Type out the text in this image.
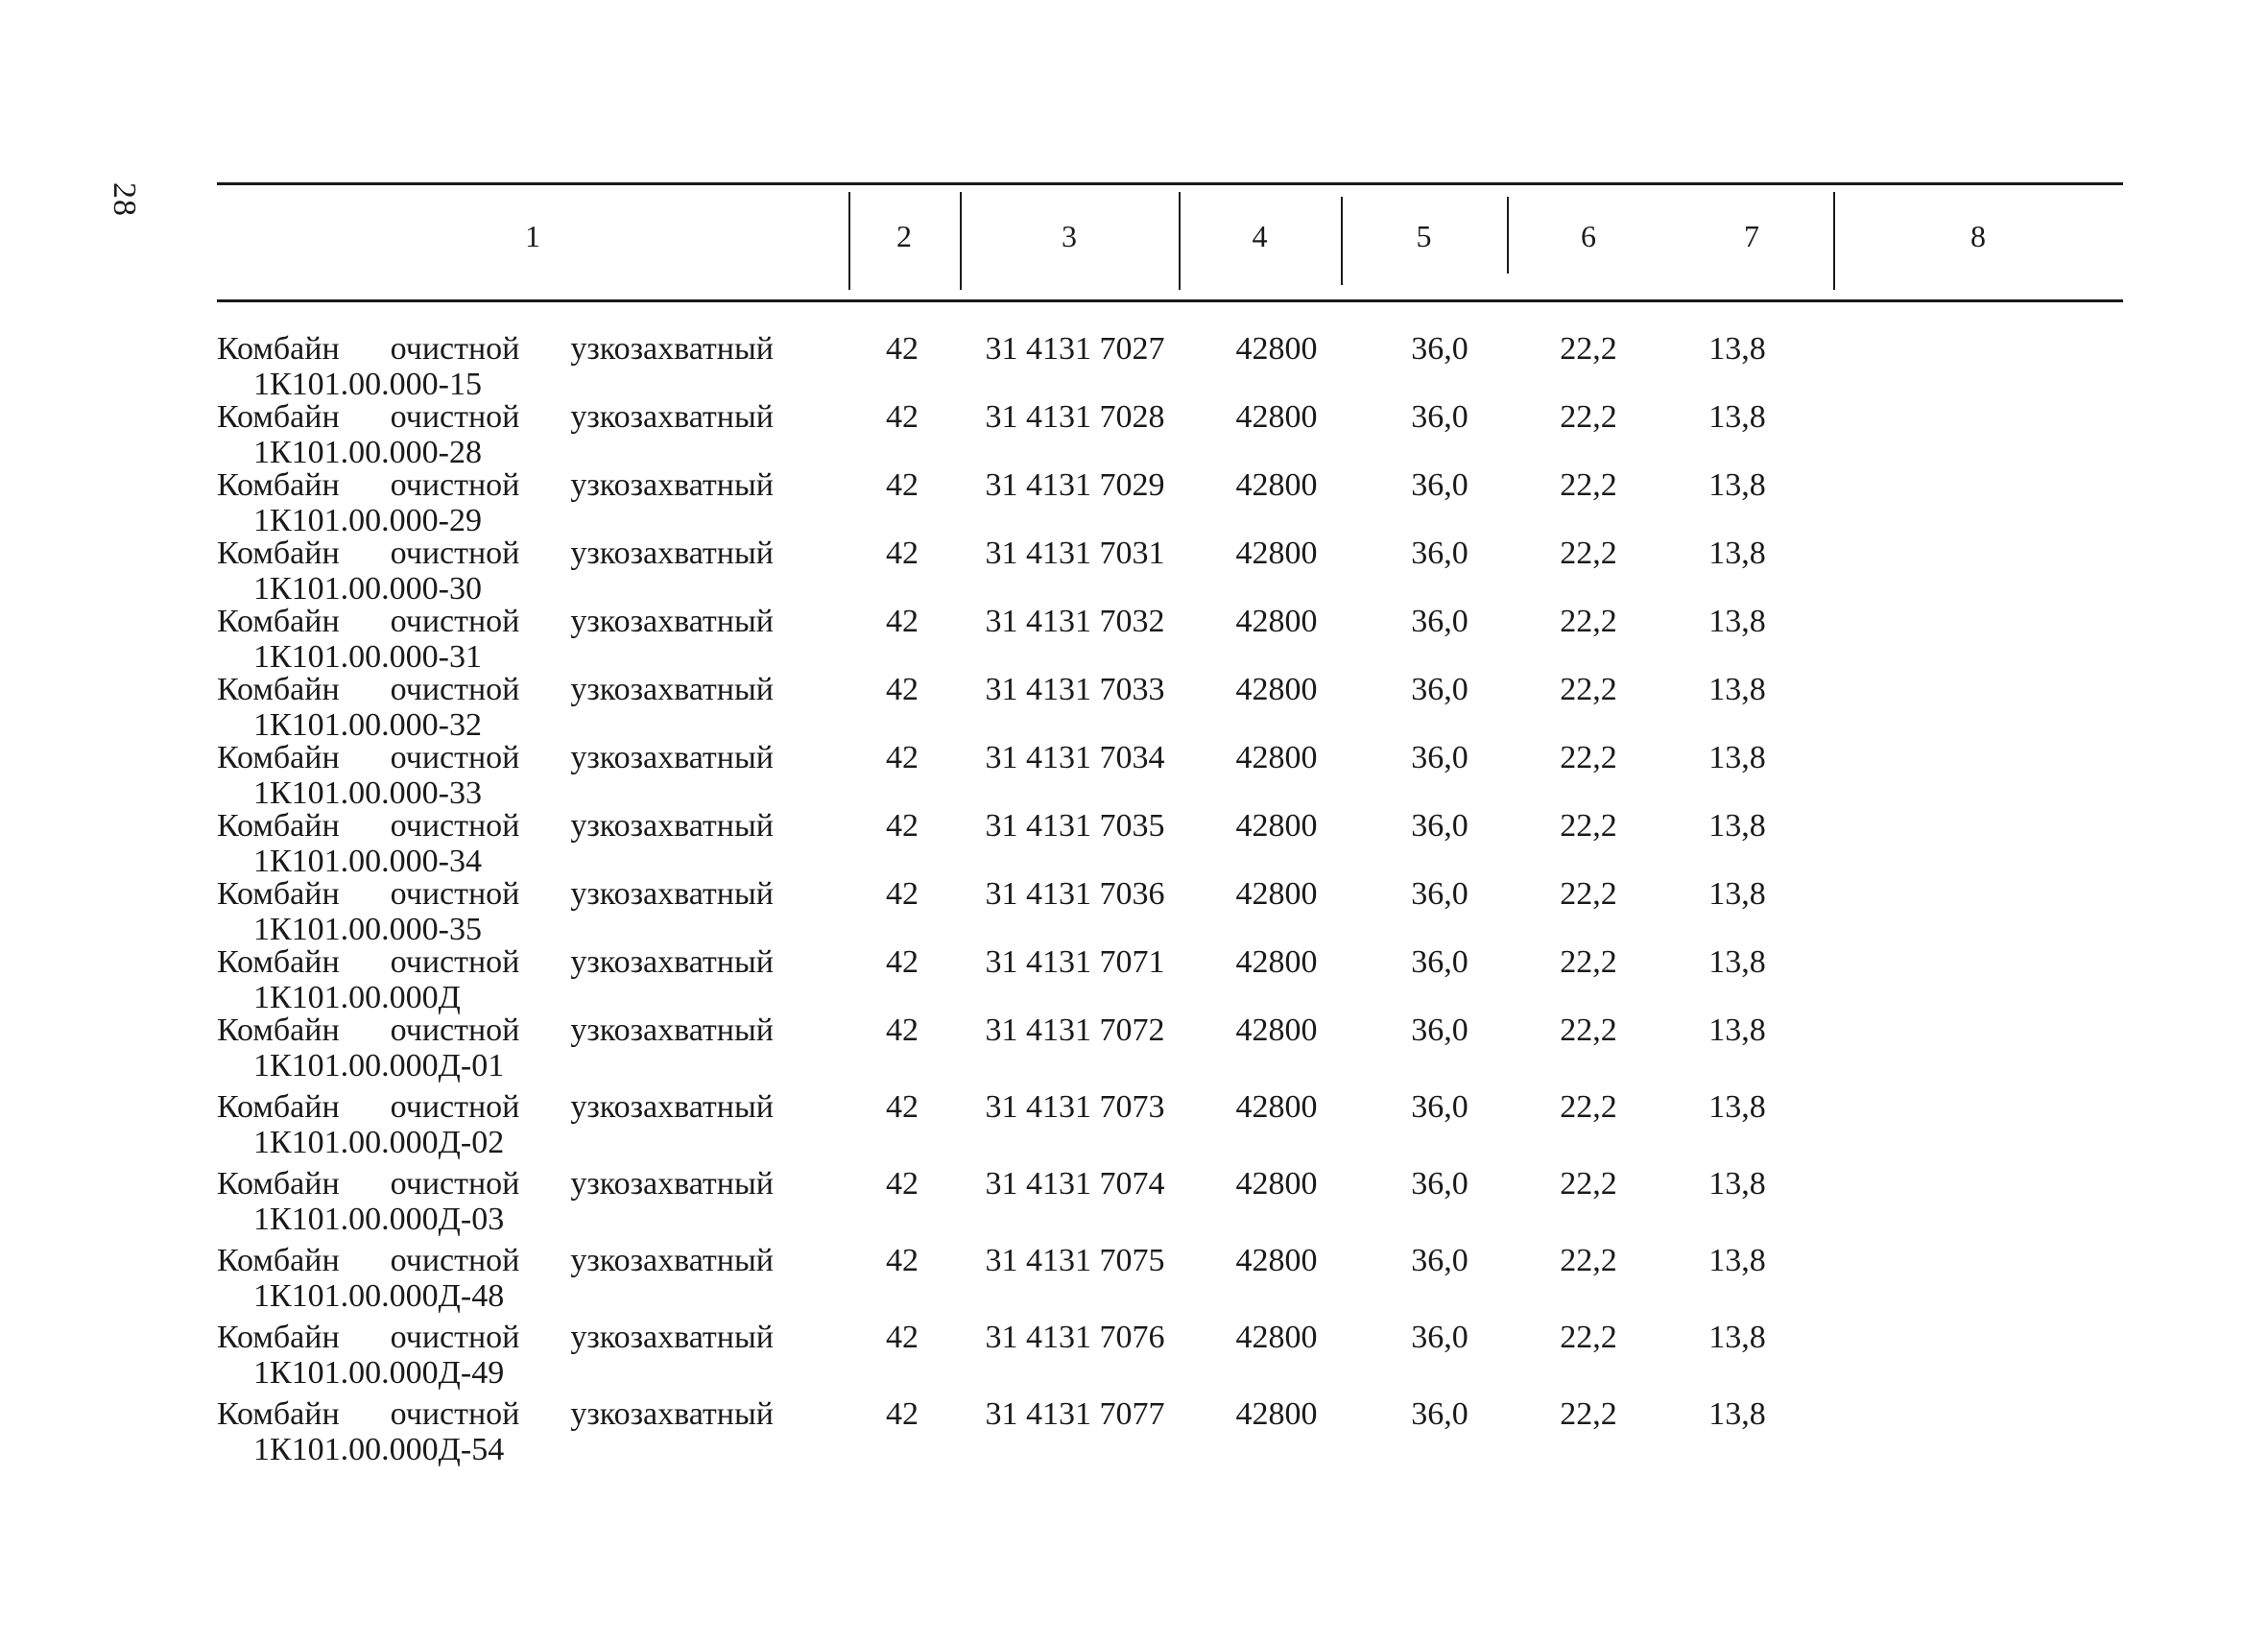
28
1	2	3	4	5	6	7	8
Комбайн очистной узкозахватный
1К101.00.000-15
42	31 4131 7027	42800	36,0	22,2	13,8
Комбайн очистной узкозахватный
1К101.00.000-28
42	31 4131 7028	42800	36,0	22,2	13,8
Комбайн очистной узкозахватный
1К101.00.000-29
42	31 4131 7029	42800	36,0	22,2	13,8
Комбайн очистной узкозахватный
1К101.00.000-30
42	31 4131 7031	42800	36,0	22,2	13,8
Комбайн очистной узкозахватный
1К101.00.000-31
42	31 4131 7032	42800	36,0	22,2	13,8
Комбайн очистной узкозахватный
1К101.00.000-32
42	31 4131 7033	42800	36,0	22,2	13,8
Комбайн очистной узкозахватный
1К101.00.000-33
42	31 4131 7034	42800	36,0	22,2	13,8
Комбайн очистной узкозахватный
1К101.00.000-34
42	31 4131 7035	42800	36,0	22,2	13,8
Комбайн очистной узкозахватный
1К101.00.000-35
42	31 4131 7036	42800	36,0	22,2	13,8
Комбайн очистной узкозахватный
1К101.00.000Д
42	31 4131 7071	42800	36,0	22,2	13,8
Комбайн очистной узкозахватный
1К101.00.000Д-01
42	31 4131 7072	42800	36,0	22,2	13,8
Комбайн очистной узкозахватный
1К101.00.000Д-02
42	31 4131 7073	42800	36,0	22,2	13,8
Комбайн очистной узкозахватный
1К101.00.000Д-03
42	31 4131 7074	42800	36,0	22,2	13,8
Комбайн очистной узкозахватный
1К101.00.000Д-48
42	31 4131 7075	42800	36,0	22,2	13,8
Комбайн очистной узкозахватный
1К101.00.000Д-49
42	31 4131 7076	42800	36,0	22,2	13,8
Комбайн очистной узкозахватный
1К101.00.000Д-54
42	31 4131 7077	42800	36,0	22,2	13,8
